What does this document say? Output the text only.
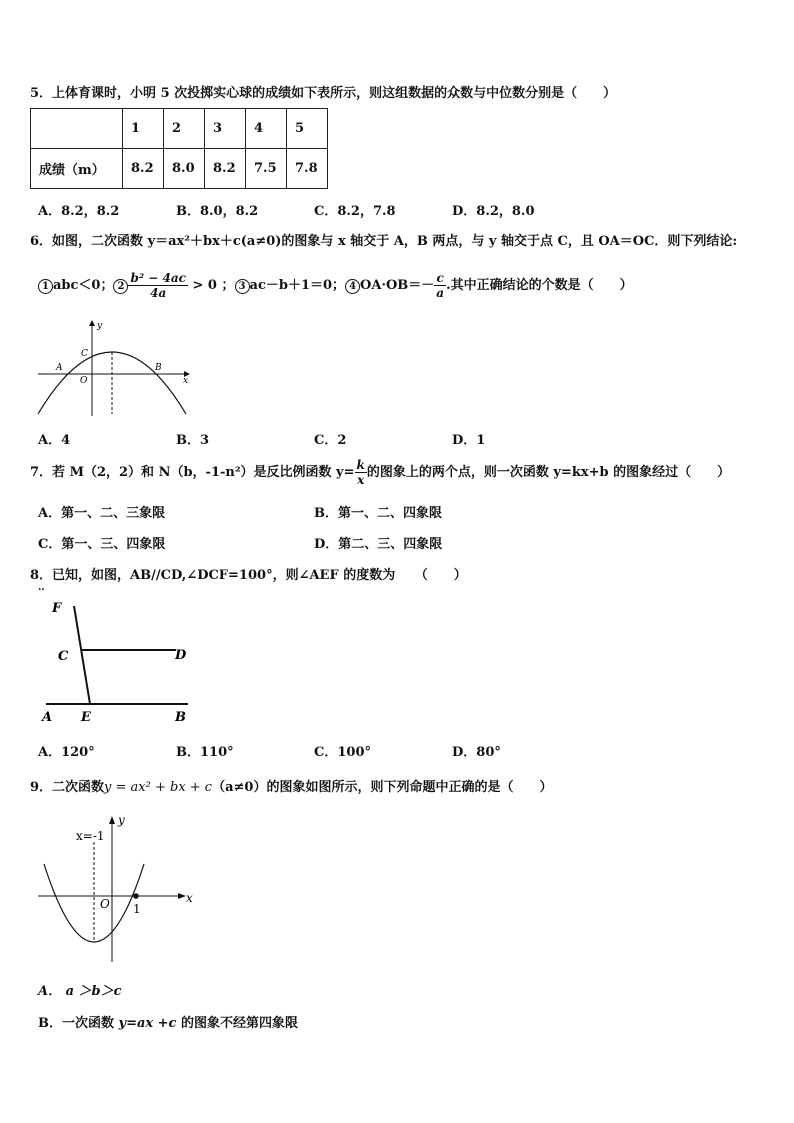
5．上体育课时，小明 5 次投掷实心球的成绩如下表所示，则这组数据的众数与中位数分别是（　　）
	1	2	3	4	5
成绩（m）	8.2	8.0	8.2	7.5	7.8
A．8.2，8.2	B．8.0，8.2	C．8.2，7.8	D．8.2，8.0
6．如图，二次函数 y＝ax²＋bx＋c(a≠0)的图象与 x 轴交于 A，B 两点，与 y 轴交于点 C，且 OA＝OC．则下列结论:
1 abc＜0； $2 \frac{\text{b² − 4ac}}{4a} > 0$ ； 3 ac－b＋1＝0； 4 $OA\cdot OB=- \frac{c}{a}$ .其中正确结论的个数是（　　）
y
x
C
A
O
B
A．4	B．3	C．2	D．1
7．若 M（2，2）和 N（b，-1-n²）是反比例函数 $y= \frac{k}{x}$ 的图象上的两个点，则一次函数 y=kx+b 的图象经过（　　）
A．第一、二、三象限	B．第一、二、四象限
C．第一、三、四象限	D．第二、三、四象限
8．已知，如图，AB//CD,∠DCF=100°，则∠AEF 的度数为　　（　　）
‥
F
C	D
A E	B
A．120°	B．110°	C．100°	D．80°
9．二次函数y = ax² + bx + c（a≠0）的图象如图所示，则下列命题中正确的是（　　）
x=-1
y
x
O 1
A． a ＞b＞c
B．一次函数 y=ax +c 的图象不经第四象限
